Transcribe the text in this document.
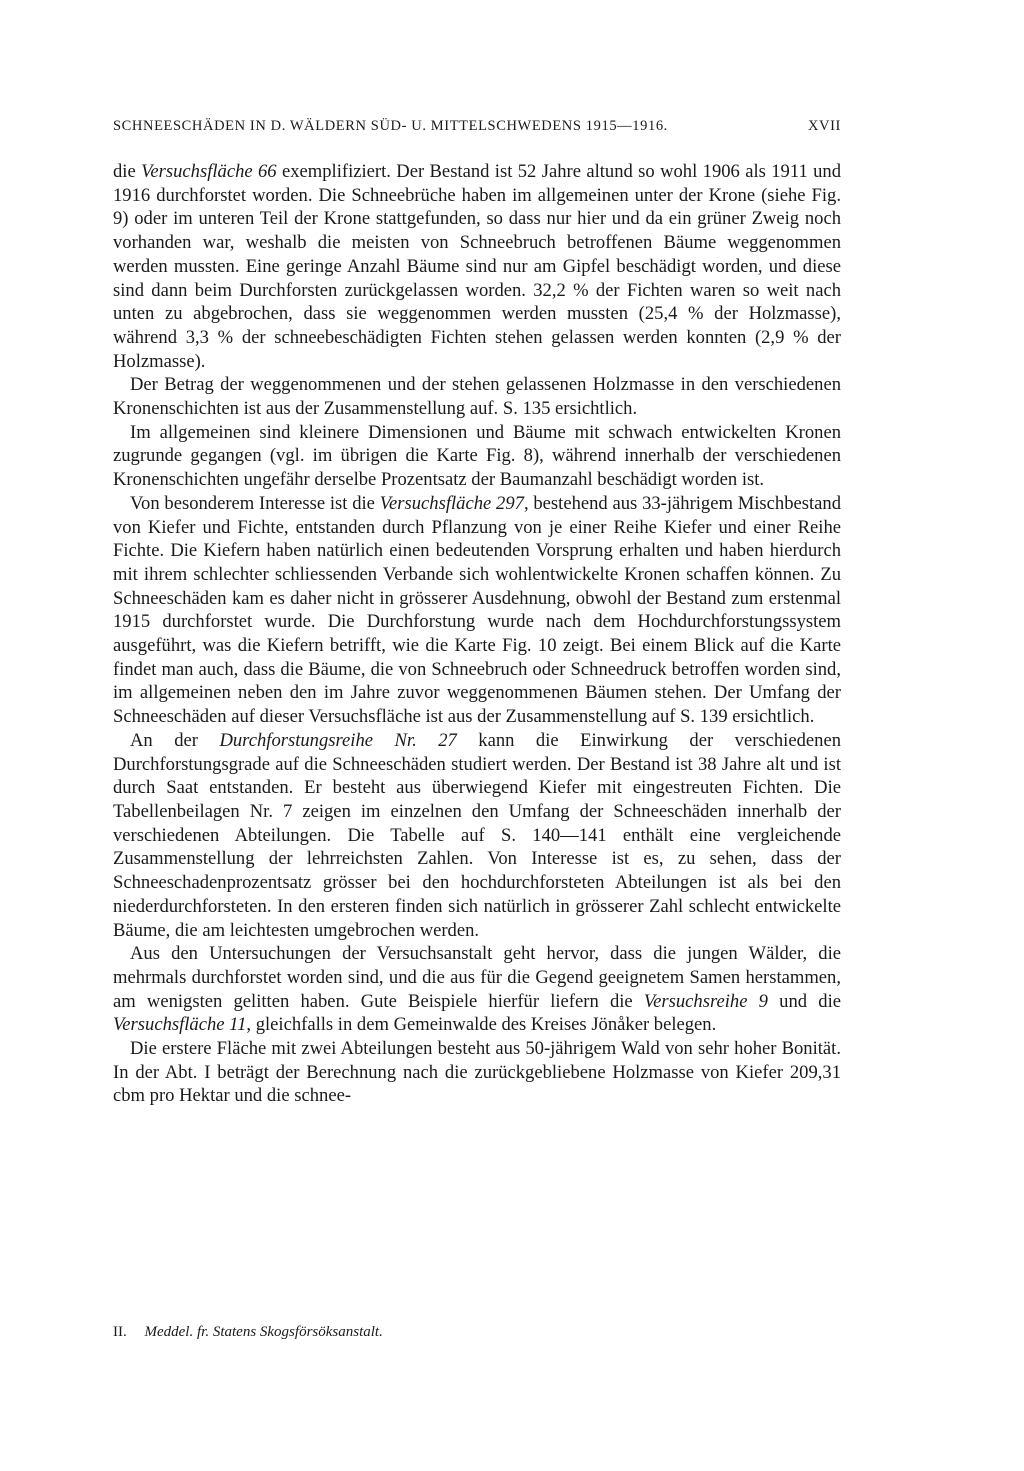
SCHNEESCHÄDEN IN D. WÄLDERN SÜD- U. MITTELSCHWEDENS 1915—1916.	XVII

die Versuchsfläche 66 exemplifiziert. Der Bestand ist 52 Jahre altund so wohl 1906 als 1911 und 1916 durchforstet worden. Die Schneebrüche haben im allgemeinen unter der Krone (siehe Fig. 9) oder im unteren Teil der Krone stattgefunden, so dass nur hier und da ein grüner Zweig noch vorhanden war, weshalb die meisten von Schneebruch betroffenen Bäume weggenommen werden mussten. Eine geringe Anzahl Bäume sind nur am Gipfel beschädigt worden, und diese sind dann beim Durchforsten zurückgelassen worden. 32,2 % der Fichten waren so weit nach unten zu abgebrochen, dass sie weggenommen werden mussten (25,4 % der Holzmasse), während 3,3 % der schneebeschädigten Fichten stehen gelassen werden konnten (2,9 % der Holzmasse).

Der Betrag der weggenommenen und der stehen gelassenen Holzmasse in den verschiedenen Kronenschichten ist aus der Zusammenstellung auf. S. 135 ersichtlich.

Im allgemeinen sind kleinere Dimensionen und Bäume mit schwach entwickelten Kronen zugrunde gegangen (vgl. im übrigen die Karte Fig. 8), während innerhalb der verschiedenen Kronenschichten ungefähr derselbe Prozentsatz der Baumanzahl beschädigt worden ist.

Von besonderem Interesse ist die Versuchsfläche 297, bestehend aus 33-jährigem Mischbestand von Kiefer und Fichte, entstanden durch Pflanzung von je einer Reihe Kiefer und einer Reihe Fichte. Die Kiefern haben natürlich einen bedeutenden Vorsprung erhalten und haben hierdurch mit ihrem schlechter schliessenden Verbande sich wohlentwickelte Kronen schaffen können. Zu Schneeschäden kam es daher nicht in grösserer Ausdehnung, obwohl der Bestand zum erstenmal 1915 durchforstet wurde. Die Durchforstung wurde nach dem Hochdurchforstungssystem ausgeführt, was die Kiefern betrifft, wie die Karte Fig. 10 zeigt. Bei einem Blick auf die Karte findet man auch, dass die Bäume, die von Schneebruch oder Schneedruck betroffen worden sind, im allgemeinen neben den im Jahre zuvor weggenommenen Bäumen stehen. Der Umfang der Schneeschäden auf dieser Versuchsfläche ist aus der Zusammenstellung auf S. 139 ersichtlich.

An der Durchforstungsreihe Nr. 27 kann die Einwirkung der verschiedenen Durchforstungsgrade auf die Schneeschäden studiert werden. Der Bestand ist 38 Jahre alt und ist durch Saat entstanden. Er besteht aus überwiegend Kiefer mit eingestreuten Fichten. Die Tabellenbeilagen Nr. 7 zeigen im einzelnen den Umfang der Schneeschäden innerhalb der verschiedenen Abteilungen. Die Tabelle auf S. 140—141 enthält eine vergleichende Zusammenstellung der lehrreichsten Zahlen. Von Interesse ist es, zu sehen, dass der Schneeschadenprozentsatz grösser bei den hochdurchforsteten Abteilungen ist als bei den niederdurchforsteten. In den ersteren finden sich natürlich in grösserer Zahl schlecht entwickelte Bäume, die am leichtesten umgebrochen werden.

Aus den Untersuchungen der Versuchsanstalt geht hervor, dass die jungen Wälder, die mehrmals durchforstet worden sind, und die aus für die Gegend geeignetem Samen herstammen, am wenigsten gelitten haben. Gute Beispiele hierfür liefern die Versuchsreihe 9 und die Versuchsfläche 11, gleichfalls in dem Gemeinwalde des Kreises Jönåker belegen.

Die erstere Fläche mit zwei Abteilungen besteht aus 50-jährigem Wald von sehr hoher Bonität. In der Abt. I beträgt der Berechnung nach die zurückgebliebene Holzmasse von Kiefer 209,31 cbm pro Hektar und die schnee-

II. Meddel. fr. Statens Skogsförsöksanstalt.
